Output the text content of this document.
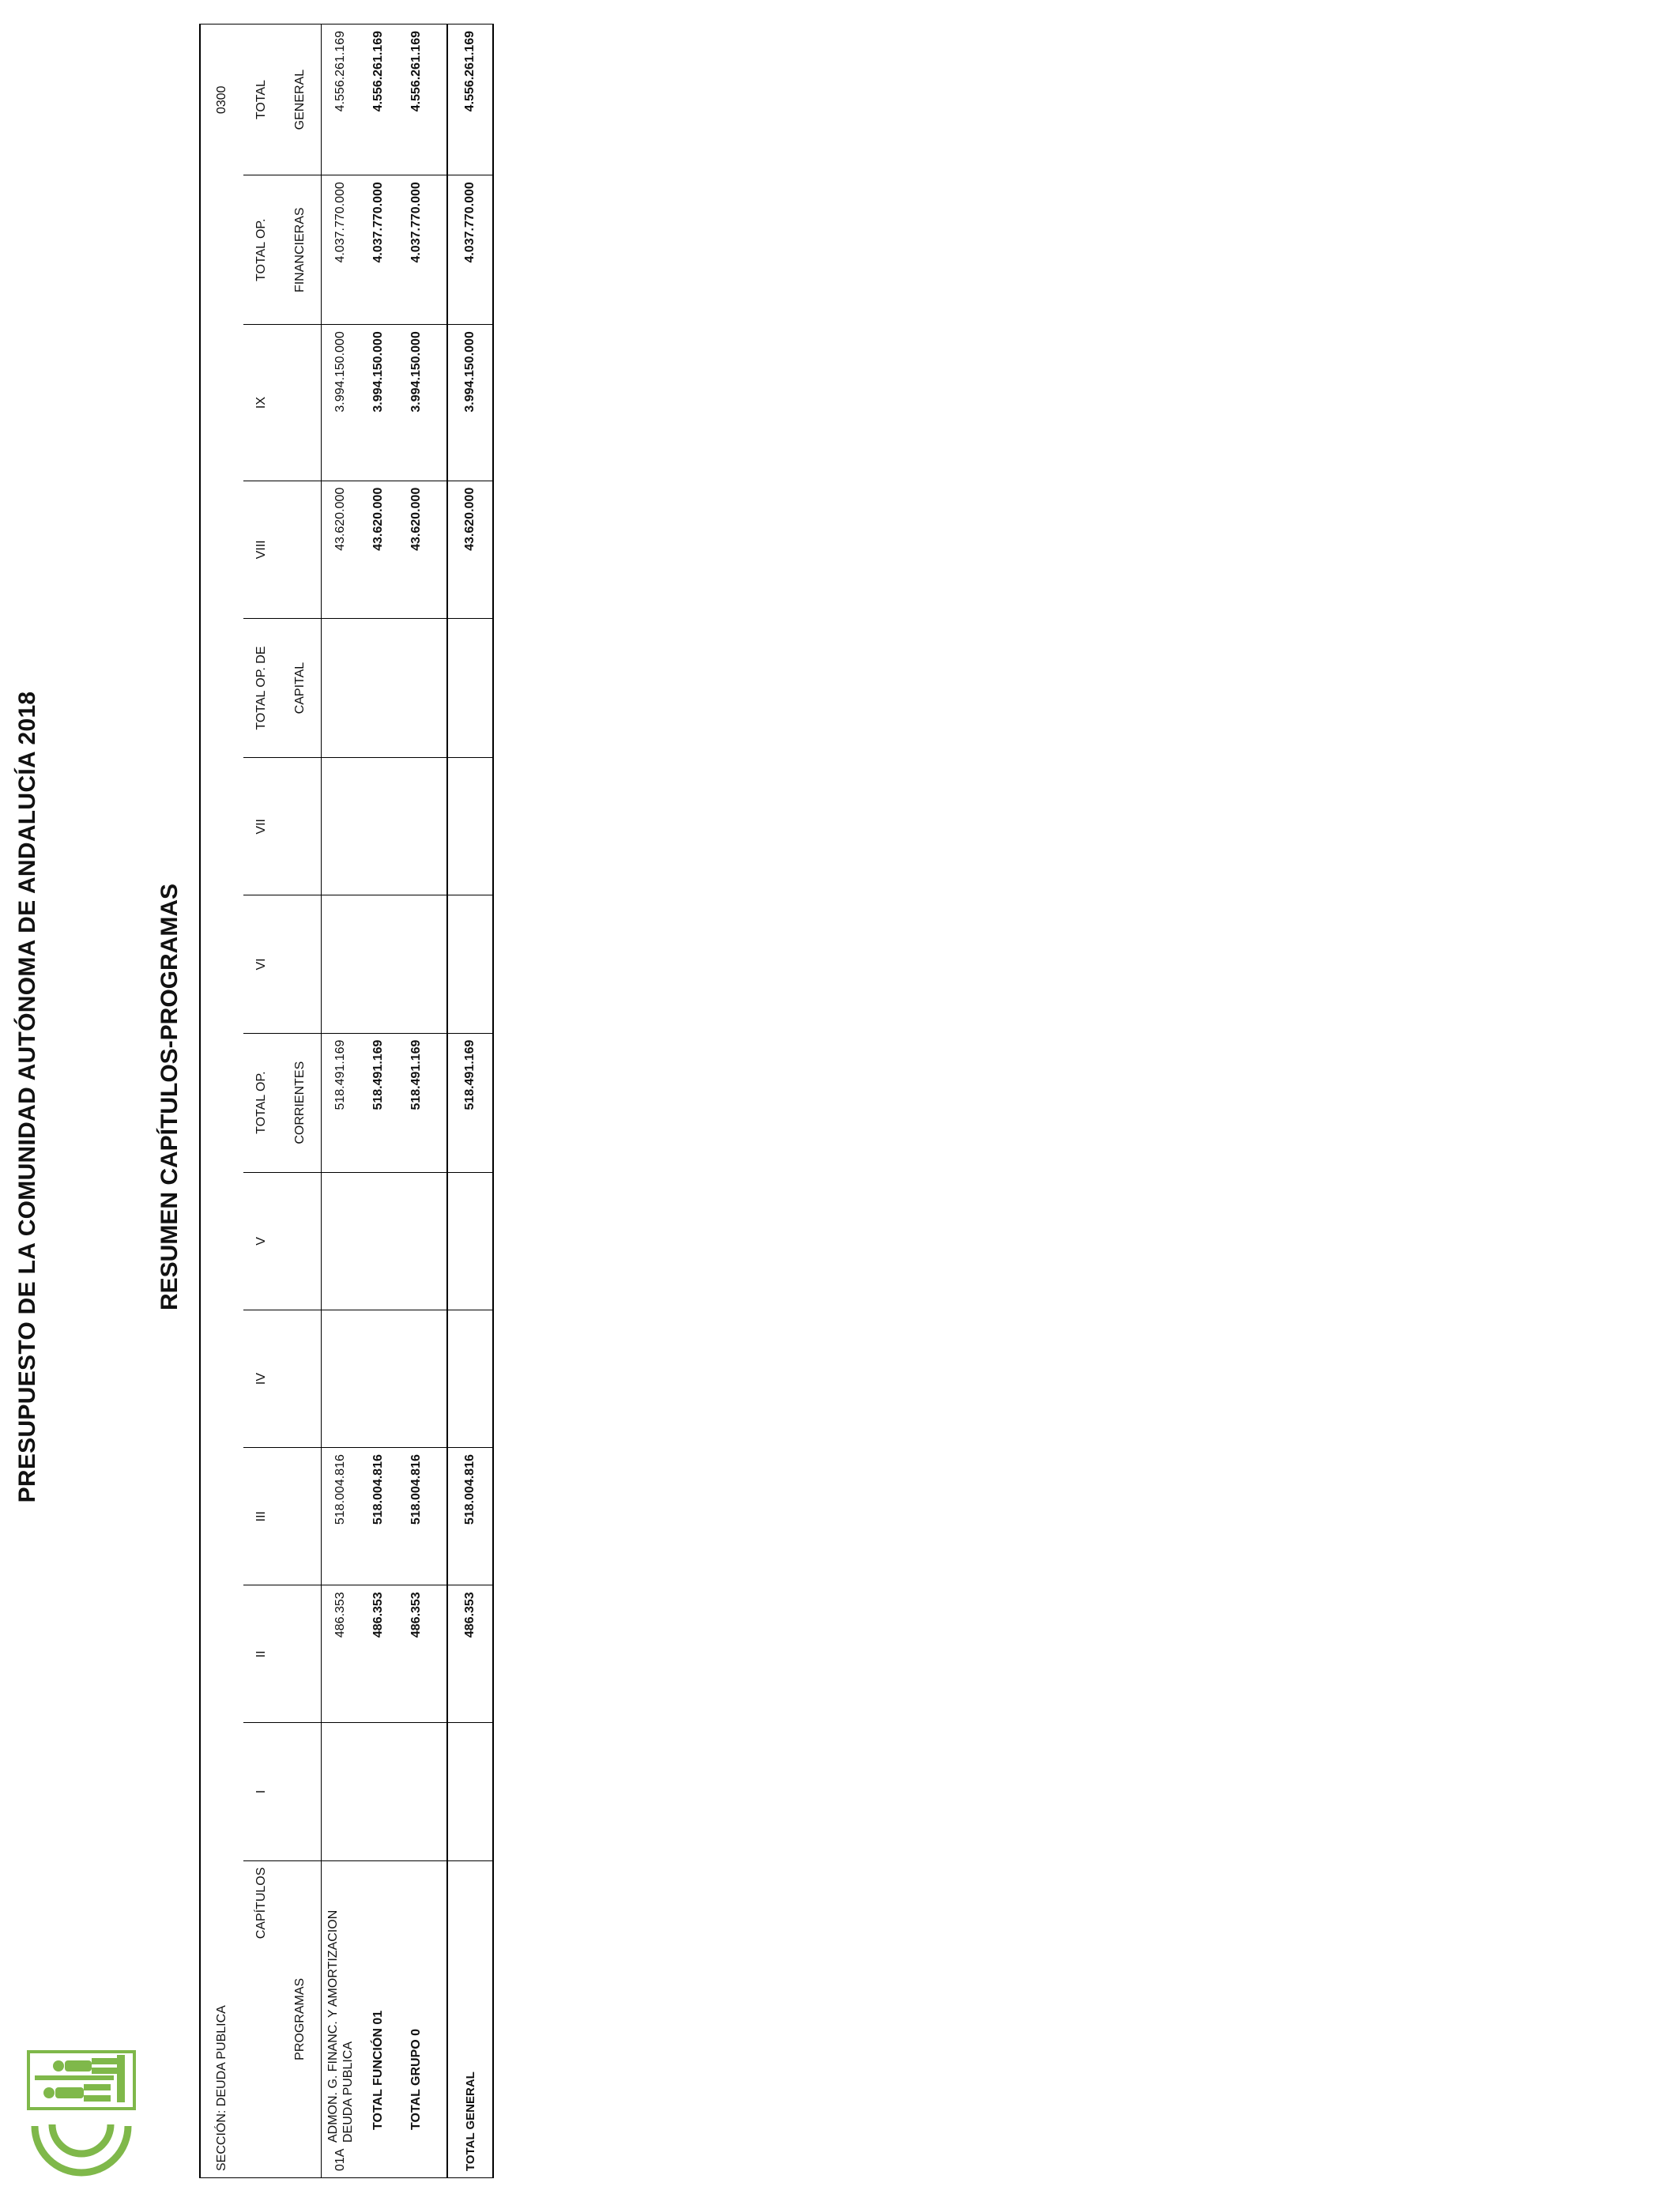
PRESUPUESTO DE LA COMUNIDAD AUTÓNOMA DE ANDALUCÍA 2018	RESUMEN CAPÍTULOS-PROGRAMAS
SECCIÓN: DEUDA PUBLICA													0300
CAPÍTULOS	I	II	III	IV	V	TOTAL OP.	VI	VII	TOTAL OP. DE	VIII	IX	TOTAL OP.	TOTAL
PROGRAMAS						CORRIENTES			CAPITAL			FINANCIERAS	GENERAL
01AADMON. G. FINANC. Y AMORTIZACION DEUDA PUBLICA		486.353	518.004.816			518.491.169				43.620.000	3.994.150.000	4.037.770.000	4.556.261.169
TOTAL FUNCIÓN 01		486.353	518.004.816			518.491.169				43.620.000	3.994.150.000	4.037.770.000	4.556.261.169
TOTAL GRUPO 0		486.353	518.004.816			518.491.169				43.620.000	3.994.150.000	4.037.770.000	4.556.261.169

TOTAL GENERAL		486.353	518.004.816			518.491.169				43.620.000	3.994.150.000	4.037.770.000	4.556.261.169
